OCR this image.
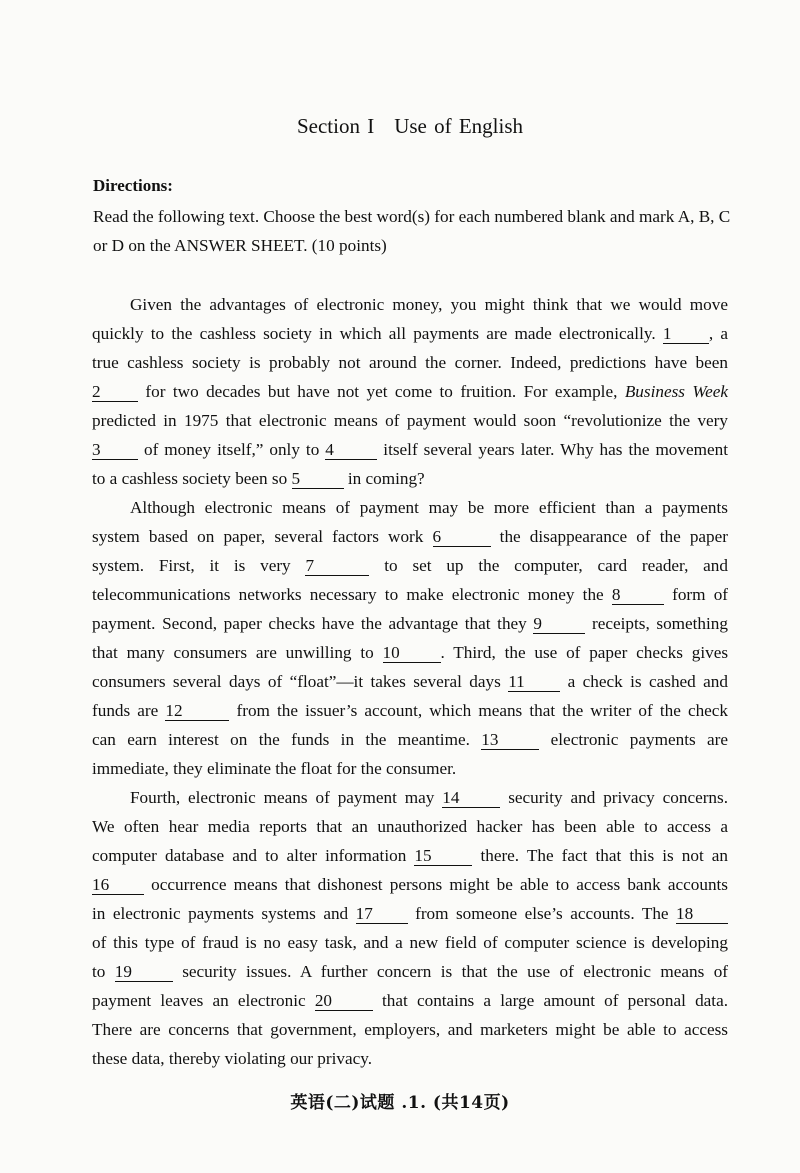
Section I Use of English
Directions:
Read the following text. Choose the best word(s) for each numbered blank and mark A, B, C or D on the ANSWER SHEET. (10 points)
Given the advantages of electronic money, you might think that we would move
quickly to the cashless society in which all payments are made electronically. 1 , a
true cashless society is probably not around the corner. Indeed, predictions have been
2	for two decades but have not yet come to fruition. For example, Business Week
predicted in 1975 that electronic means of payment would soon “revolutionize the very
3	of money itself,” only to 4	itself several years later. Why has the movement
to a cashless society been so 5	in coming?
Although electronic means of payment may be more efficient than a payments
system based on paper, several factors work 6	the disappearance of the paper
system. First, it is very 7	to set up the computer, card reader, and
telecommunications networks necessary to make electronic money the 8	form of
payment. Second, paper checks have the advantage that they 9	receipts, something
that many consumers are unwilling to 10 . Third, the use of paper checks gives
consumers several days of “float”—it takes several days 11 a check is cashed and
funds are 12	from the issuer’s account, which means that the writer of the check
can earn interest on the funds in the meantime. 13	electronic payments are
immediate, they eliminate the float for the consumer.
Fourth, electronic means of payment may 14	security and privacy concerns.
We often hear media reports that an unauthorized hacker has been able to access a
computer database and to alter information 15	there. The fact that this is not an
16 occurrence means that dishonest persons might be able to access bank accounts
in electronic payments systems and 17 from someone else’s accounts. The 18
of this type of fraud is no easy task, and a new field of computer science is developing
to 19	security issues. A further concern is that the use of electronic means of
payment leaves an electronic 20	that contains a large amount of personal data.
There are concerns that government, employers, and marketers might be able to access
these data, thereby violating our privacy.
英语(二)试题 .1. (共14页)
